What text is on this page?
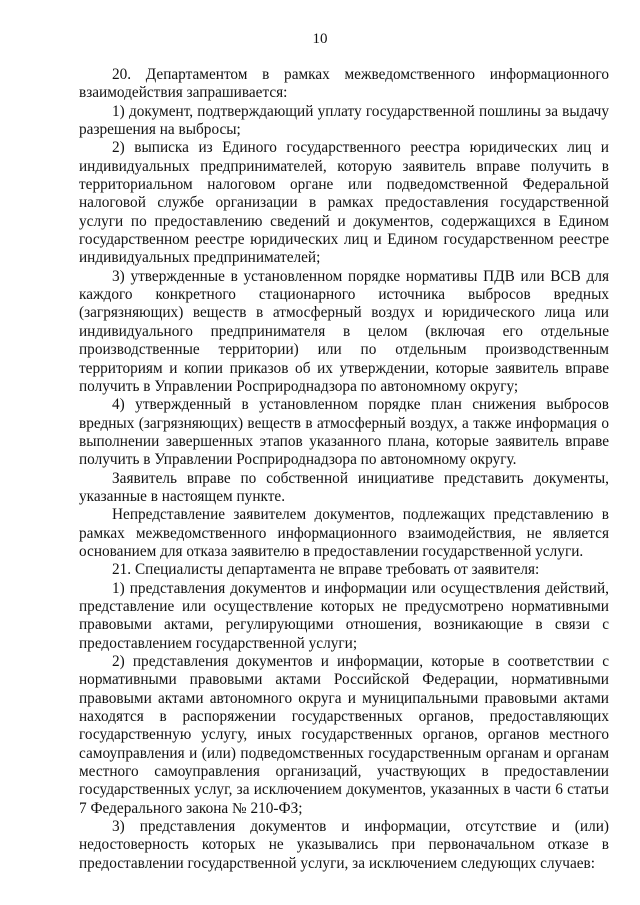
10

20. Департаментом в рамках межведомственного информационного взаимодействия запрашивается:

1) документ, подтверждающий уплату государственной пошлины за выдачу разрешения на выбросы;

2) выписка из Единого государственного реестра юридических лиц и индивидуальных предпринимателей, которую заявитель вправе получить в территориальном налоговом органе или подведомственной Федеральной налоговой службе организации в рамках предоставления государственной услуги по предоставлению сведений и документов, содержащихся в Едином государственном реестре юридических лиц и Едином государственном реестре индивидуальных предпринимателей;

3) утвержденные в установленном порядке нормативы ПДВ или ВСВ для каждого конкретного стационарного источника выбросов вредных (загрязняющих) веществ в атмосферный воздух и юридического лица или индивидуального предпринимателя в целом (включая его отдельные производственные территории) или по отдельным производственным территориям и копии приказов об их утверждении, которые заявитель вправе получить в Управлении Росприроднадзора по автономному округу;

4) утвержденный в установленном порядке план снижения выбросов вредных (загрязняющих) веществ в атмосферный воздух, а также информация о выполнении завершенных этапов указанного плана, которые заявитель вправе получить в Управлении Росприроднадзора по автономному округу.

Заявитель вправе по собственной инициативе представить документы, указанные в настоящем пункте.

Непредставление заявителем документов, подлежащих представлению в рамках межведомственного информационного взаимодействия, не является основанием для отказа заявителю в предоставлении государственной услуги.

21. Специалисты департамента не вправе требовать от заявителя:

1) представления документов и информации или осуществления действий, представление или осуществление которых не предусмотрено нормативными правовыми актами, регулирующими отношения, возникающие в связи с предоставлением государственной услуги;

2) представления документов и информации, которые в соответствии с нормативными правовыми актами Российской Федерации, нормативными правовыми актами автономного округа и муниципальными правовыми актами находятся в распоряжении государственных органов, предоставляющих государственную услугу, иных государственных органов, органов местного самоуправления и (или) подведомственных государственным органам и органам местного самоуправления организаций, участвующих в предоставлении государственных услуг, за исключением документов, указанных в части 6 статьи 7 Федерального закона № 210-ФЗ;

3) представления документов и информации, отсутствие и (или) недостоверность которых не указывались при первоначальном отказе в предоставлении государственной услуги, за исключением следующих случаев:
